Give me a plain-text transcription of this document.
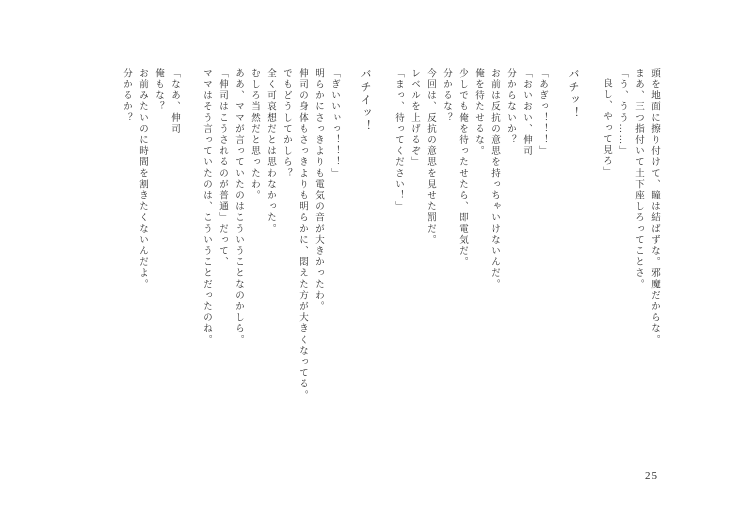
頭を地面に擦り付けて、瞳は結ばずな。邪魔だからな。
まあ、三つ指付いて土下座しろってことさ。
「う、うう……」
良し、やって見ろ」
バチッ！
「あぎっ！！！」
「おいおい、伸司
分からないか？
お前は反抗の意思を持っちゃいけないんだ。
俺を待たせるな。
少しでも俺を待ったせたら、即電気だ。
分かるな？
今回は、反抗の意思を見せた罰だ。
レベルを上げるぞ」
「まっ、待ってください！」
バチイッ！
「ぎいいぃっ！！！」
明らかにさっきよりも電気の音が大きかったわ。
伸司の身体もさっきよりも明らかに、悶えた方が大きくなってる。
でもどうしてかしら？
全く可哀想だとは思わなかった。
むしろ当然だと思ったわ。
ああ、ママが言っていたのはこういうことなのかしら。
「伸司はこうされるのが普通」だって、
ママはそう言っていたのは、こういうことだったのね。
「なあ、伸司
俺もな？
お前みたいのに時間を割きたくないんだよ。
分かるか？
25
